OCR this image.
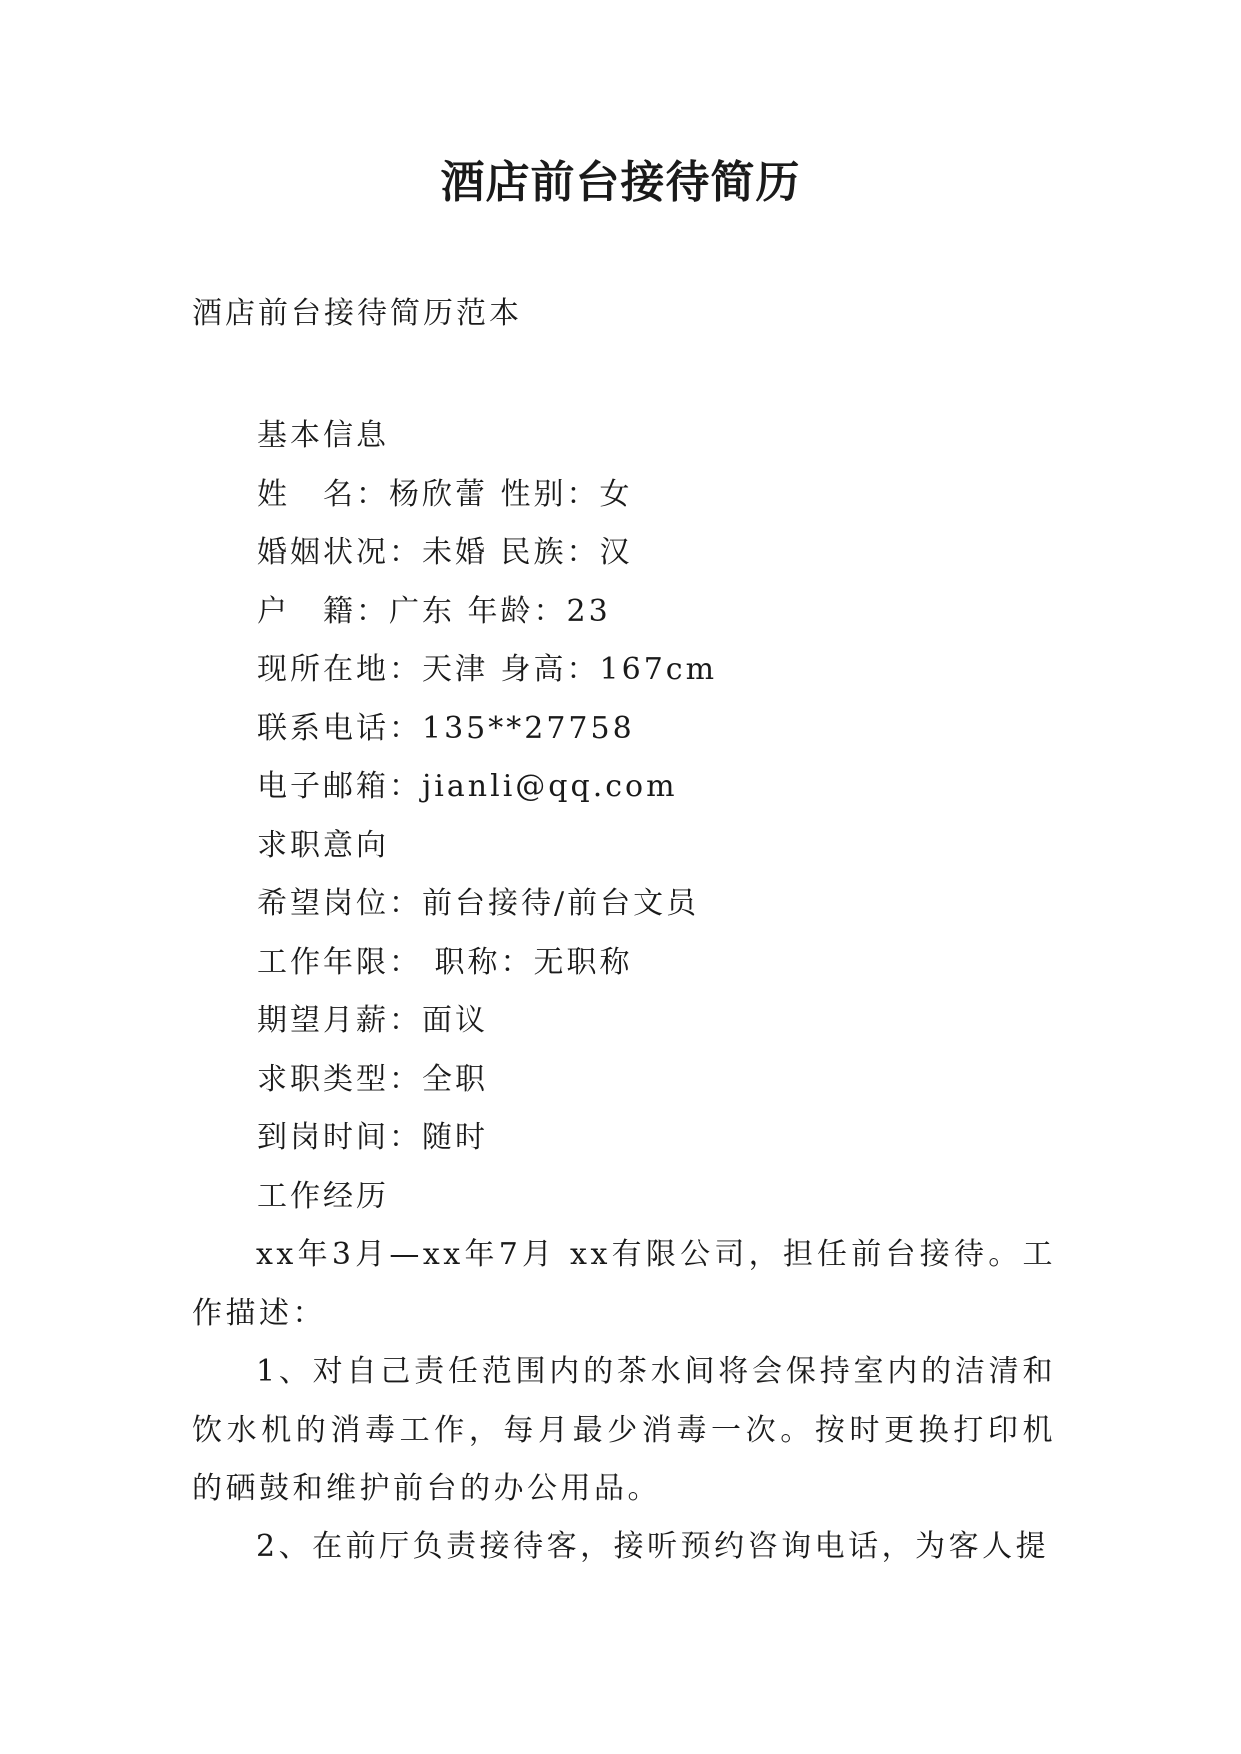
酒店前台接待简历

酒店前台接待简历范本

基本信息
姓　名：杨欣蕾 性别：女
婚姻状况：未婚 民族：汉
户　籍：广东 年龄：23
现所在地：天津 身高：167cm
联系电话：135**27758
电子邮箱：jianli@qq.com
求职意向
希望岗位：前台接待/前台文员
工作年限： 职称：无职称
期望月薪：面议
求职类型：全职
到岗时间：随时
工作经历

xx年3月—xx年7月 xx有限公司，担任前台接待。工作描述：

1、对自己责任范围内的茶水间将会保持室内的洁清和饮水机的消毒工作，每月最少消毒一次。按时更换打印机的硒鼓和维护前台的办公用品。

2、在前厅负责接待客，接听预约咨询电话，为客人提
